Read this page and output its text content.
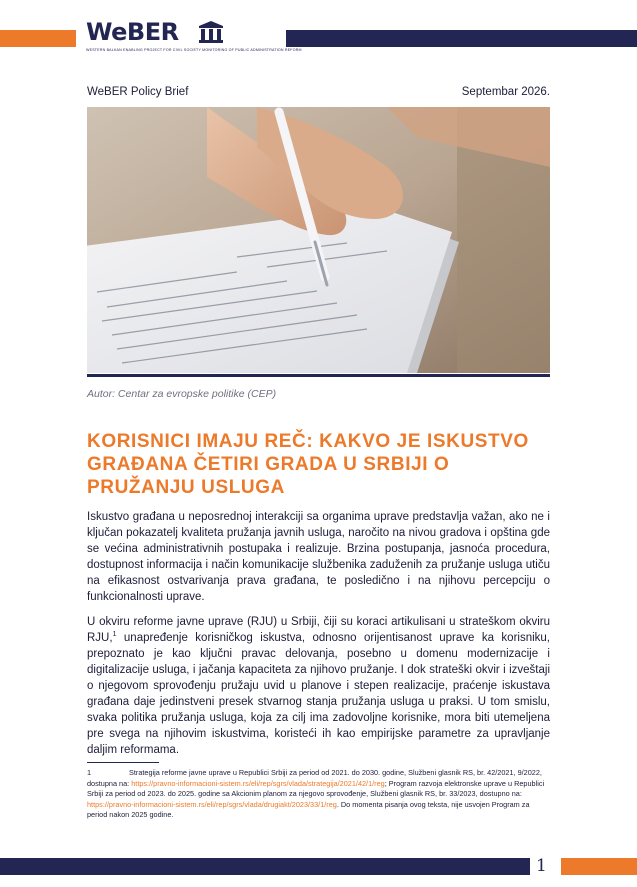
WeBER
WESTERN BALKAN ENABLING PROJECT FOR CIVIL SOCIETY MONITORING OF PUBLIC ADMINISTRATION REFORM
WeBER Policy Brief	Septembar 2026.
Autor: Centar za evropske politike (CEP)
KORISNICI IMAJU REČ: KAKVO JE ISKUSTVO GRAĐANA ČETIRI GRADA U SRBIJI O PRUŽANJU USLUGA

Iskustvo građana u neposrednoj interakciji sa organima uprave predstavlja važan, ako ne i ključan pokazatelj kvaliteta pružanja javnih usluga, naročito na nivou gradova i opština gde se većina administrativnih postupaka i realizuje. Brzina postupanja, jasnoća procedura, dostupnost informacija i način komunikacije službenika zaduženih za pružanje usluga utiču na efikasnost ostvarivanja prava građana, te posledično i na njihovu percepciju o funkcionalnosti uprave.

U okviru reforme javne uprave (RJU) u Srbiji, čiji su koraci artikulisani u strateškom okviru RJU,$^1$ unapređenje korisničkog iskustva, odnosno orijentisanost uprave ka korisniku, prepoznato je kao ključni pravac delovanja, posebno u domenu modernizacije i digitalizacije usluga, i jačanja kapaciteta za njihovo pružanje. I dok strateški okvir i izveštaji o njegovom sprovođenju pružaju uvid u planove i stepen realizacije, praćenje iskustava građana daje jedinstveni presek stvarnog stanja pružanja usluga u praksi. U tom smislu, svaka politika pružanja usluga, koja za cilj ima zadovoljne korisnike, mora biti utemeljena pre svega na njihovim iskustvima, koristeći ih kao empirijske parametre za upravljanje daljim reformama.

1	Strategija reforme javne uprave u Republici Srbiji za period od 2021. do 2030. godine, Službeni glasnik RS, br. 42/2021, 9/2022, dostupna na: https://pravno-informacioni-sistem.rs/eli/rep/sgrs/vlada/strategija/2021/42/1/reg; Program razvoja elektronske uprave u Republici Srbiji za period od 2023. do 2025. godine sa Akcionim planom za njegovo sprovođenje, Službeni glasnik RS, br. 33/2023, dostupno na: https://pravno-informacioni-sistem.rs/eli/rep/sgrs/vlada/drugiakt/2023/33/1/reg. Do momenta pisanja ovog teksta, nije usvojen Program za period nakon 2025 godine.
1
